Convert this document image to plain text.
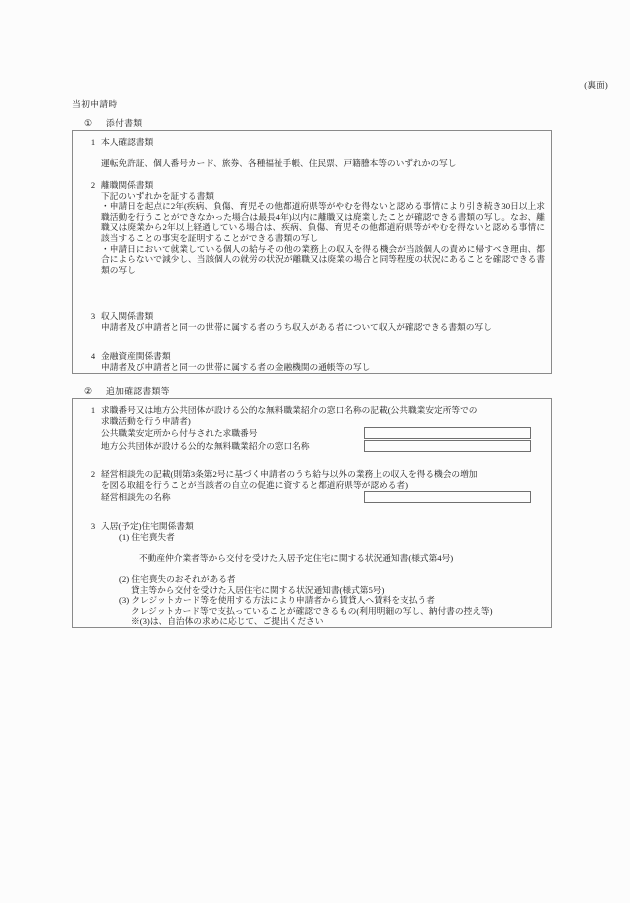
(裏面)
当初申請時
① 添付書類
1 本人確認書類

運転免許証、個人番号カード、旅券、各種福祉手帳、住民票、戸籍謄本等のいずれかの写し

2 離職関係書類

下記のいずれかを証する書類

・申請日を起点に2年(疾病、負傷、育児その他都道府県等がやむを得ないと認める事情により引き続き30日以上求職活動を行うことができなかった場合は最長4年)以内に離職又は廃業したことが確認できる書類の写し。なお、離職又は廃業から2年以上経過している場合は、疾病、負傷、育児その他都道府県等がやむを得ないと認める事情に該当することの事実を証明することができる書類の写し

・申請日において就業している個人の給与その他の業務上の収入を得る機会が当該個人の責めに帰すべき理由、都合によらないで減少し、当該個人の就労の状況が離職又は廃業の場合と同等程度の状況にあることを確認できる書類の写し

3 収入関係書類

申請者及び申請者と同一の世帯に属する者のうち収入がある者について収入が確認できる書類の写し

4 金融資産関係書類

申請者及び申請者と同一の世帯に属する者の金融機関の通帳等の写し

② 追加確認書類等
1 求職番号又は地方公共団体が設ける公的な無料職業紹介の窓口名称の記載(公共職業安定所等での
求職活動を行う申請者)
公共職業安定所から付与された求職番号
地方公共団体が設ける公的な無料職業紹介の窓口名称
2 経営相談先の記載(則第3条第2号に基づく申請者のうち給与以外の業務上の収入を得る機会の増加
を図る取組を行うことが当該者の自立の促進に資すると都道府県等が認める者)
経営相談先の名称
3 入居(予定)住宅関係書類
(1) 住宅喪失者
不動産仲介業者等から交付を受けた入居予定住宅に関する状況通知書(様式第4号)
(2) 住宅喪失のおそれがある者
貸主等から交付を受けた入居住宅に関する状況通知書(様式第5号)
(3) クレジットカード等を使用する方法により申請者から賃貸人へ賃料を支払う者
クレジットカード等で支払っていることが確認できるもの(利用明細の写し、納付書の控え等)
※(3)は、自治体の求めに応じて、ご提出ください
